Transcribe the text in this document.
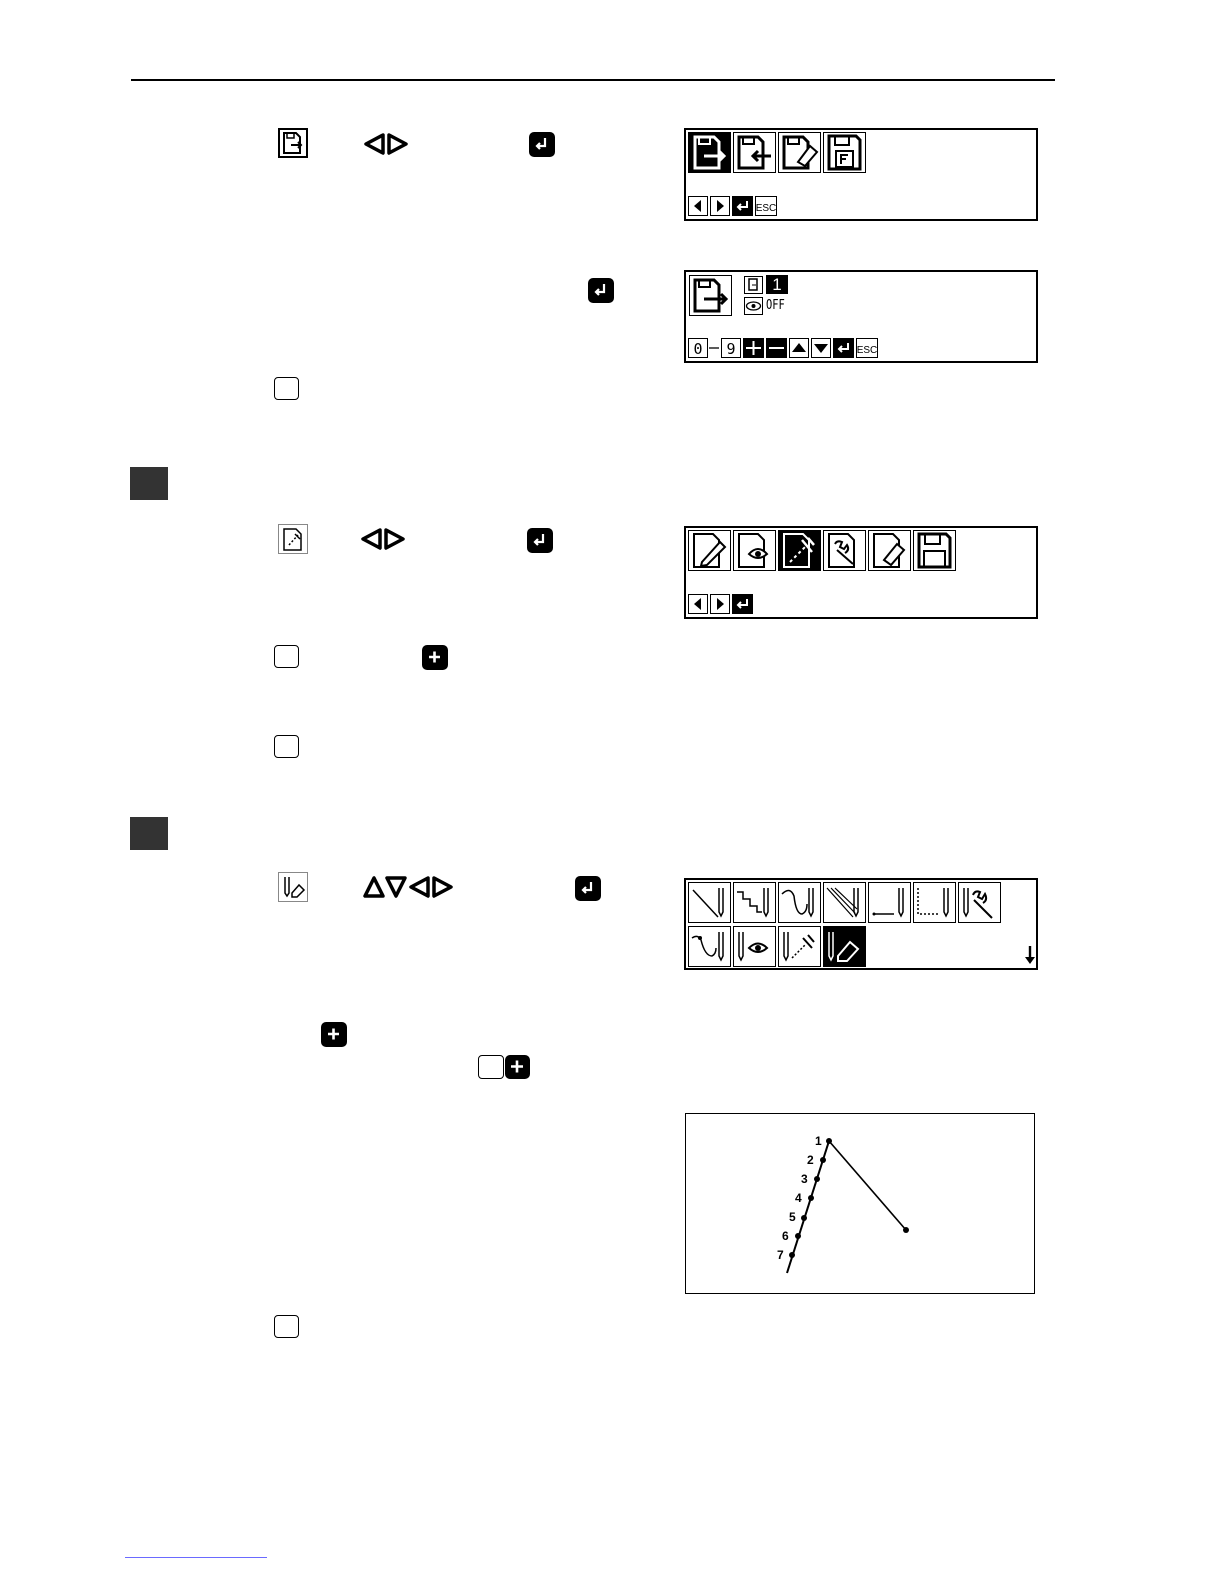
ESC
1
OFF
0 9	ESC
1
2
3
4
5
6
7
